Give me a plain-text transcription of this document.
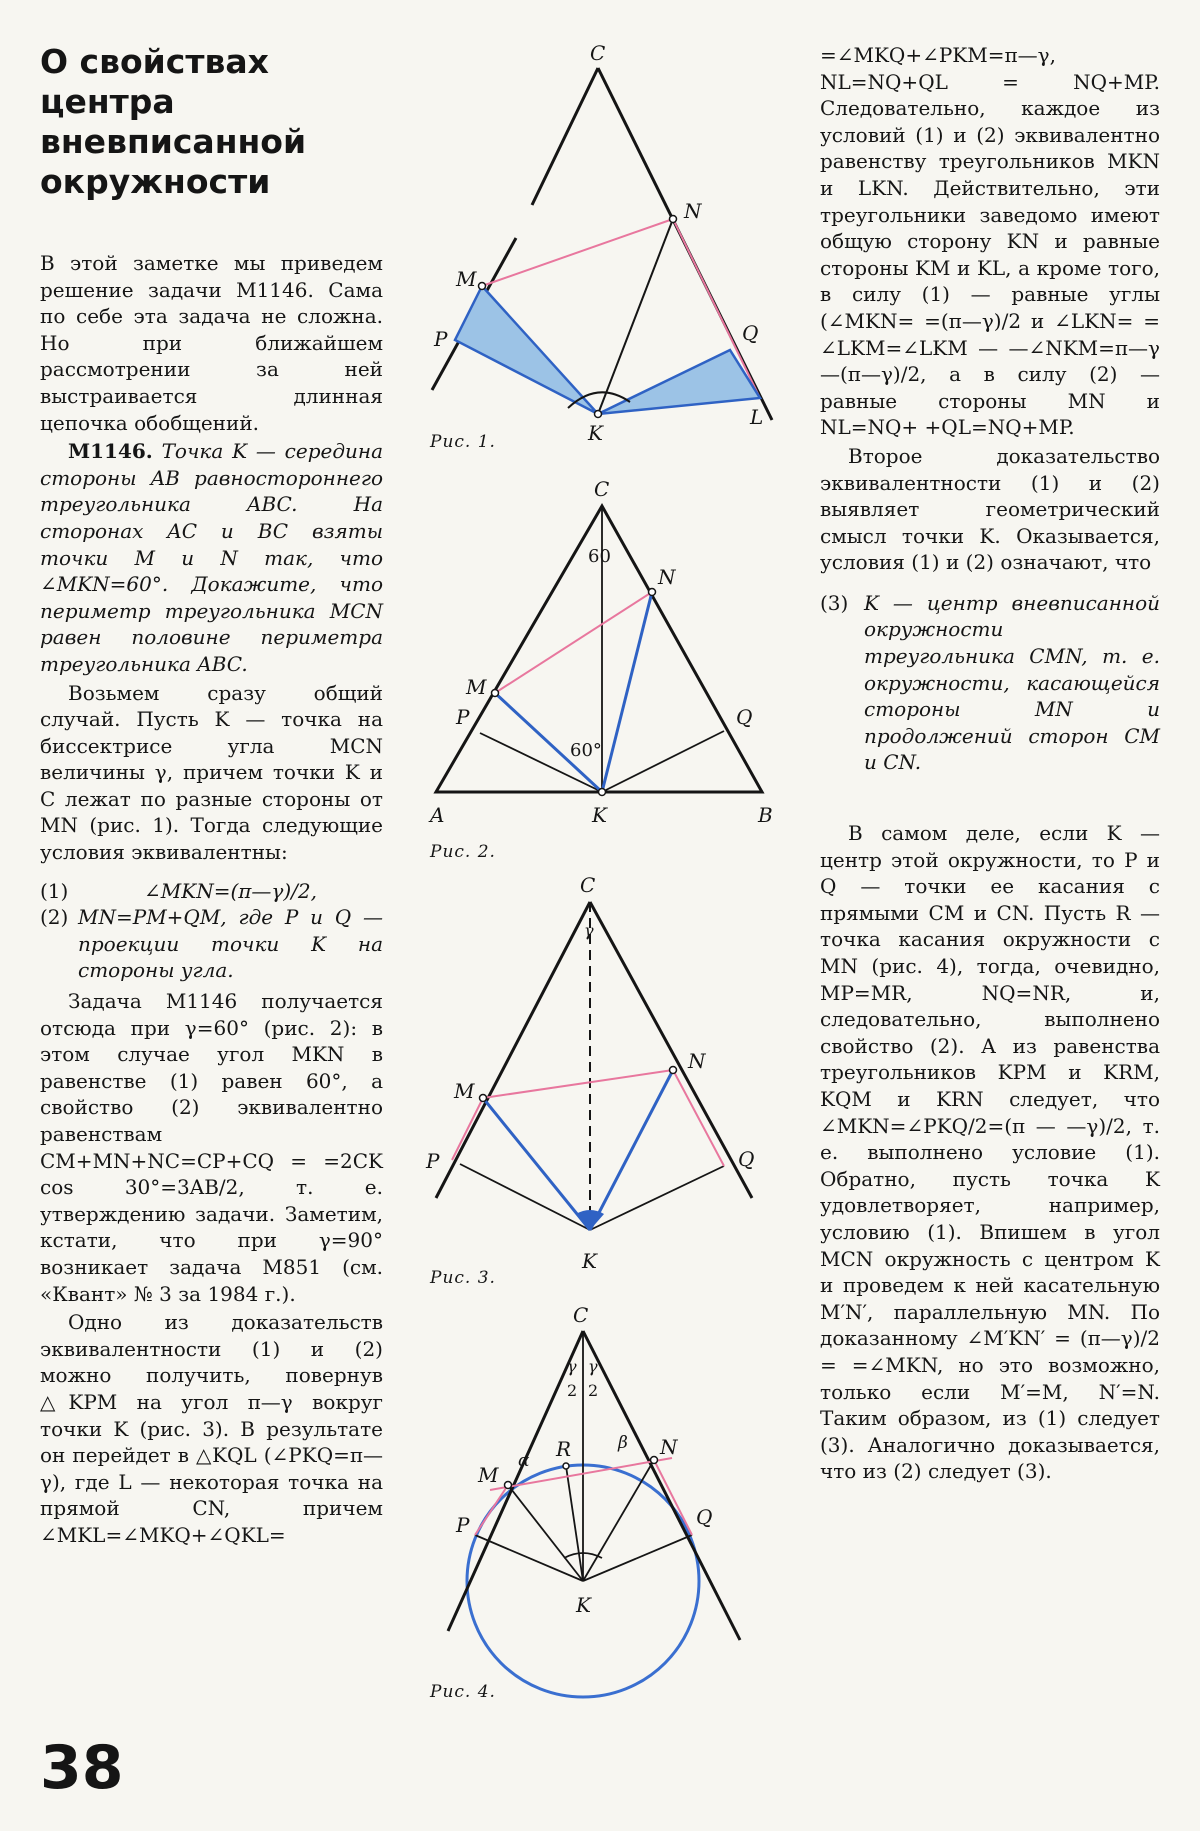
О свойствах центра вневписанной окружности

В этой заметке мы приведем решение задачи М1146. Сама по себе эта задача не сложна. Но при ближайшем рассмотрении за ней выстраивается длинная цепочка обобщений.

М1146. Точка K — середина стороны AB равностороннего треугольника ABC. На сторонах AC и BC взяты точки M и N так, что ∠MKN=60°. Докажите, что периметр треугольника MCN равен половине периметра треугольника ABC.

Возьмем сразу общий случай. Пусть K — точка на биссектрисе угла MCN величины γ, причем точки K и C лежат по разные стороны от MN (рис. 1). Тогда следующие условия эквивалентны:

(1)	∠MKN=(π—γ)/2,
(2) MN=PM+QM, где P и Q — проекции точки K на стороны угла.

Задача М1146 получается отсюда при γ=60° (рис. 2): в этом случае угол MKN в равенстве (1) равен 60°, а свойство (2) эквивалентно равенствам CM+MN+NC=CP+CQ = =2CK cos 30°=3AB/2, т. е. утверждению задачи. Заметим, кстати, что при γ=90° возникает задача М851 (см. «Квант» № 3 за 1984 г.).

Одно из доказательств эквивалентности (1) и (2) можно получить, повернув △KPM на угол π—γ вокруг точки K (рис. 3). В результате он перейдет в △KQL (∠PKQ=π—γ), где L — некоторая точка на прямой CN, причем ∠MKL=∠MKQ+∠QKL=

=∠MKQ+∠PKM=π—γ, NL=NQ+QL = NQ+MP. Следовательно, каждое из условий (1) и (2) эквивалентно равенству треугольников MKN и LKN. Действительно, эти треугольники заведомо имеют общую сторону KN и равные стороны KM и KL, а кроме того, в силу (1) — равные углы (∠MKN= =(π—γ)/2 и ∠LKN= = ∠LKM=∠LKM — —∠NKM=π—γ—(π—γ)/2, а в силу (2) — равные стороны MN и NL=NQ+ +QL=NQ+MP.

Второе доказательство эквивалентности (1) и (2) выявляет геометрический смысл точки K. Оказывается, условия (1) и (2) означают, что

(3) K — центр вневписанной окружности треугольника CMN, т. е. окружности, касающейся стороны MN и продолжений сторон CM и CN.

В самом деле, если K — центр этой окружности, то P и Q — точки ее касания с прямыми CM и CN. Пусть R — точка касания окружности с MN (рис. 4), тогда, очевидно, MP=MR, NQ=NR, и, следовательно, выполнено свойство (2). А из равенства треугольников KPM и KRM, KQM и KRN следует, что ∠MKN=∠PKQ/2=(π — —γ)/2, т. е. выполнено условие (1). Обратно, пусть точка K удовлетворяет, например, условию (1). Впишем в угол MCN окружность с центром K и проведем к ней касательную M′N′, параллельную MN. По доказанному ∠M′KN′ = (π—γ)/2 = =∠MKN, но это возможно, только если M′=M, N′=N. Таким образом, из (1) следует (3). Аналогично доказывается, что из (2) следует (3).

38
C
M
N
P	Q
K
L
Рис. 1.
C
60
N
M
P	Q
60°
A	K	B
Рис. 2.
C
γ
N
M
P	Q
K
Рис. 3.
C
γ
2
γ
2
R
α
β N
M
P	Q
K
Рис. 4.
